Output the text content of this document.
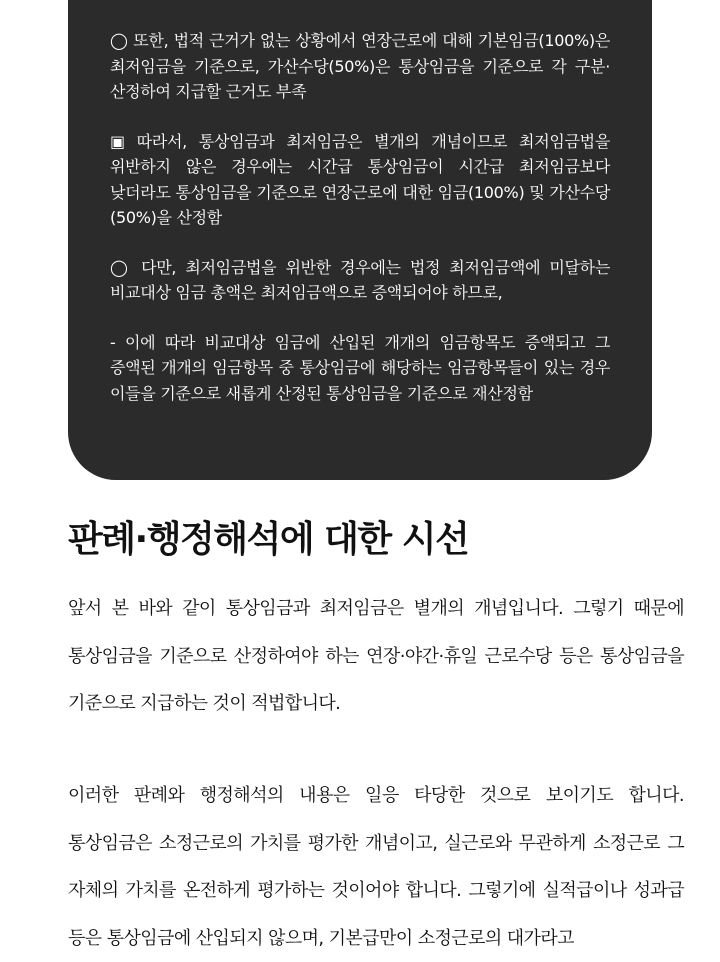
◯ 또한, 법적 근거가 없는 상황에서 연장근로에 대해 기본임금(100%)은 최저임금을 기준으로, 가산수당(50%)은 통상임금을 기준으로 각 구분·산정하여 지급할 근거도 부족

▣ 따라서, 통상임금과 최저임금은 별개의 개념이므로 최저임금법을 위반하지 않은 경우에는 시간급 통상임금이 시간급 최저임금보다 낮더라도 통상임금을 기준으로 연장근로에 대한 임금(100%) 및 가산수당(50%)을 산정함

◯ 다만, 최저임금법을 위반한 경우에는 법정 최저임금액에 미달하는 비교대상 임금 총액은 최저임금액으로 증액되어야 하므로,

- 이에 따라 비교대상 임금에 산입된 개개의 임금항목도 증액되고 그 증액된 개개의 임금항목 중 통상임금에 해당하는 임금항목들이 있는 경우 이들을 기준으로 새롭게 산정된 통상임금을 기준으로 재산정함

판례·행정해석에 대한 시선

앞서 본 바와 같이 통상임금과 최저임금은 별개의 개념입니다. 그렇기 때문에 통상임금을 기준으로 산정하여야 하는 연장·야간·휴일 근로수당 등은 통상임금을 기준으로 지급하는 것이 적법합니다.

이러한 판례와 행정해석의 내용은 일응 타당한 것으로 보이기도 합니다. 통상임금은 소정근로의 가치를 평가한 개념이고, 실근로와 무관하게 소정근로 그 자체의 가치를 온전하게 평가하는 것이어야 합니다. 그렇기에 실적급이나 성과급 등은 통상임금에 산입되지 않으며, 기본급만이 소정근로의 대가라고
